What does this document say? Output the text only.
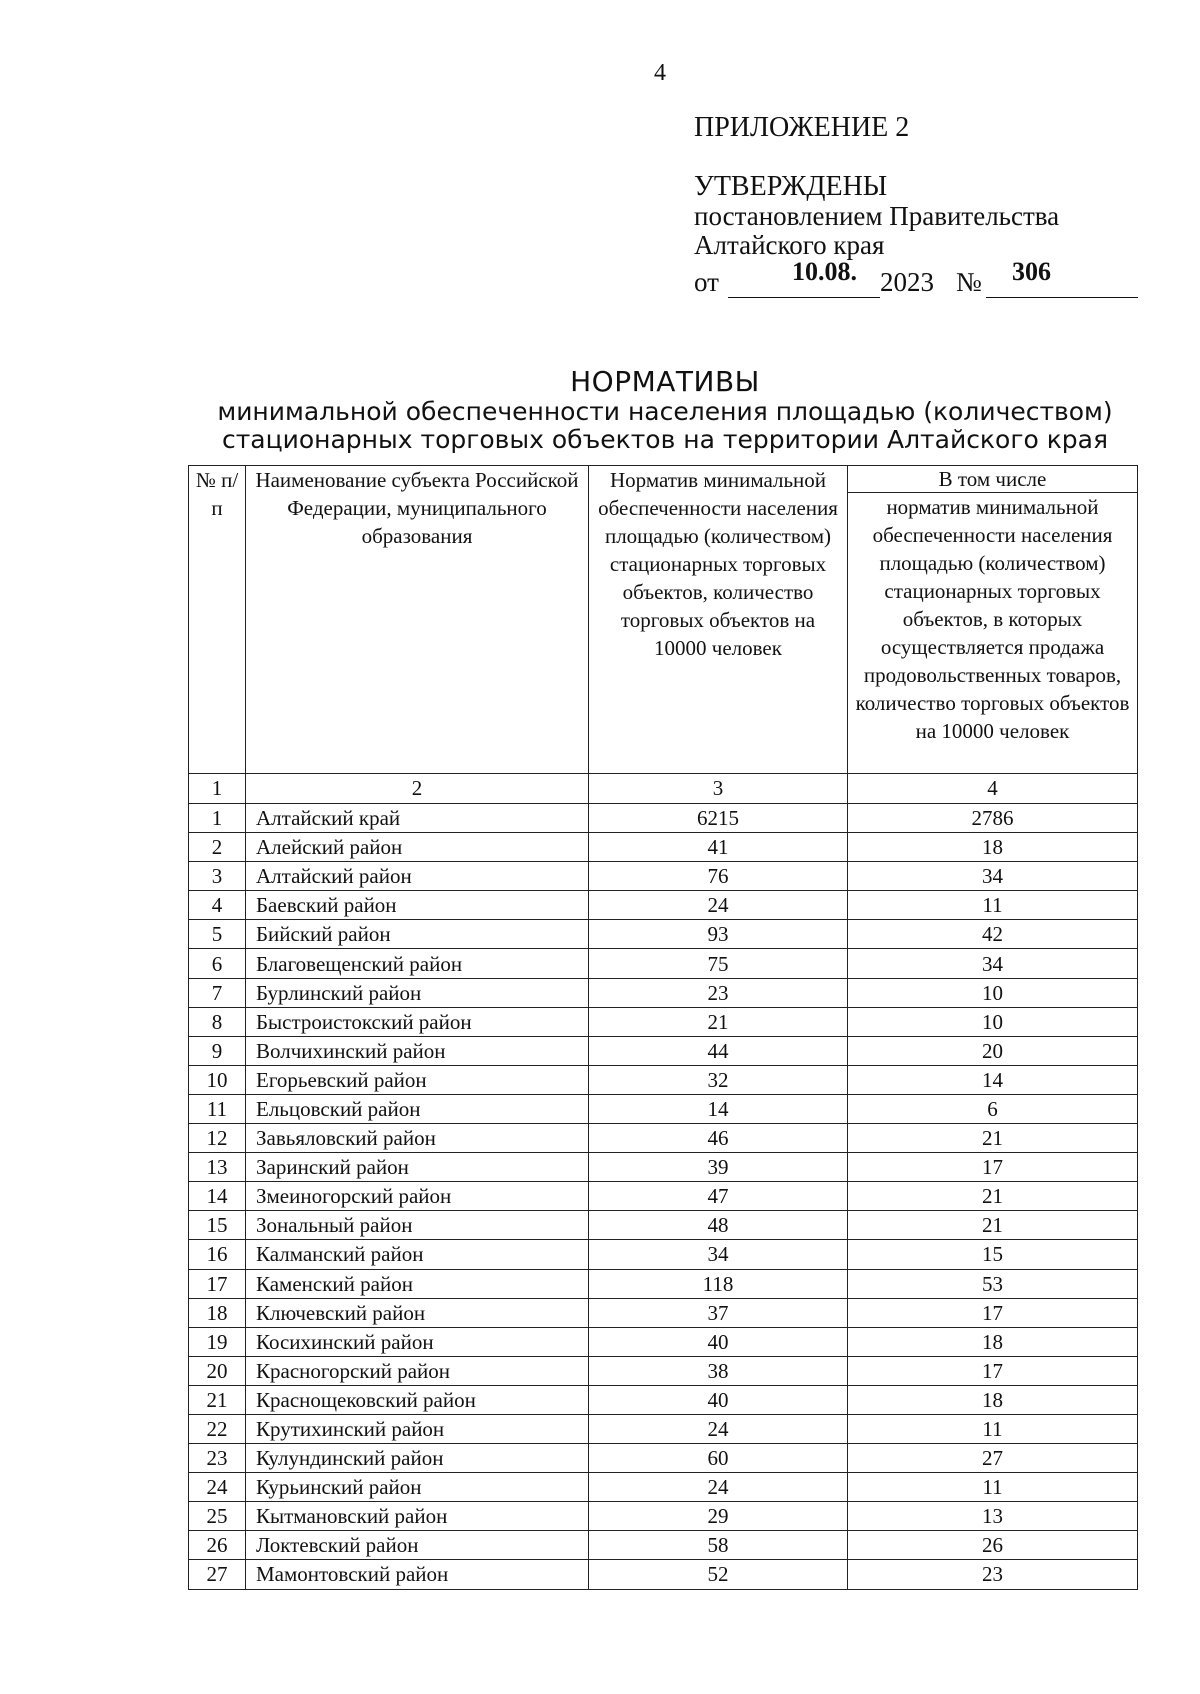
4
ПРИЛОЖЕНИЕ 2
УТВЕРЖДЕНЫ
постановлением Правительства
Алтайского края
от	10.08. 2023 № 306
НОРМАТИВЫ
минимальной обеспеченности населения площадью (количеством)
стационарных торговых объектов на территории Алтайского края
№ п/п	Наименование субъекта Российской Федерации, муниципального образования	Норматив минимальной обеспеченности населения площадью (количеством) стационарных торговых объектов, количество торговых объектов на 10000 человек	В том числе
			норматив минимальной обеспеченности населения площадью (количеством) стационарных торговых объектов, в которых осуществляется продажа продовольственных товаров, количество торговых объектов на 10000 человек
1	2	3	4
1	Алтайский край	6215	2786
2	Алейский район	41	18
3	Алтайский район	76	34
4	Баевский район	24	11
5	Бийский район	93	42
6	Благовещенский район	75	34
7	Бурлинский район	23	10
8	Быстроистокский район	21	10
9	Волчихинский район	44	20
10	Егорьевский район	32	14
11	Ельцовский район	14	6
12	Завьяловский район	46	21
13	Заринский район	39	17
14	Змеиногорский район	47	21
15	Зональный район	48	21
16	Калманский район	34	15
17	Каменский район	118	53
18	Ключевский район	37	17
19	Косихинский район	40	18
20	Красногорский район	38	17
21	Краснощековский район	40	18
22	Крутихинский район	24	11
23	Кулундинский район	60	27
24	Курьинский район	24	11
25	Кытмановский район	29	13
26	Локтевский район	58	26
27	Мамонтовский район	52	23
